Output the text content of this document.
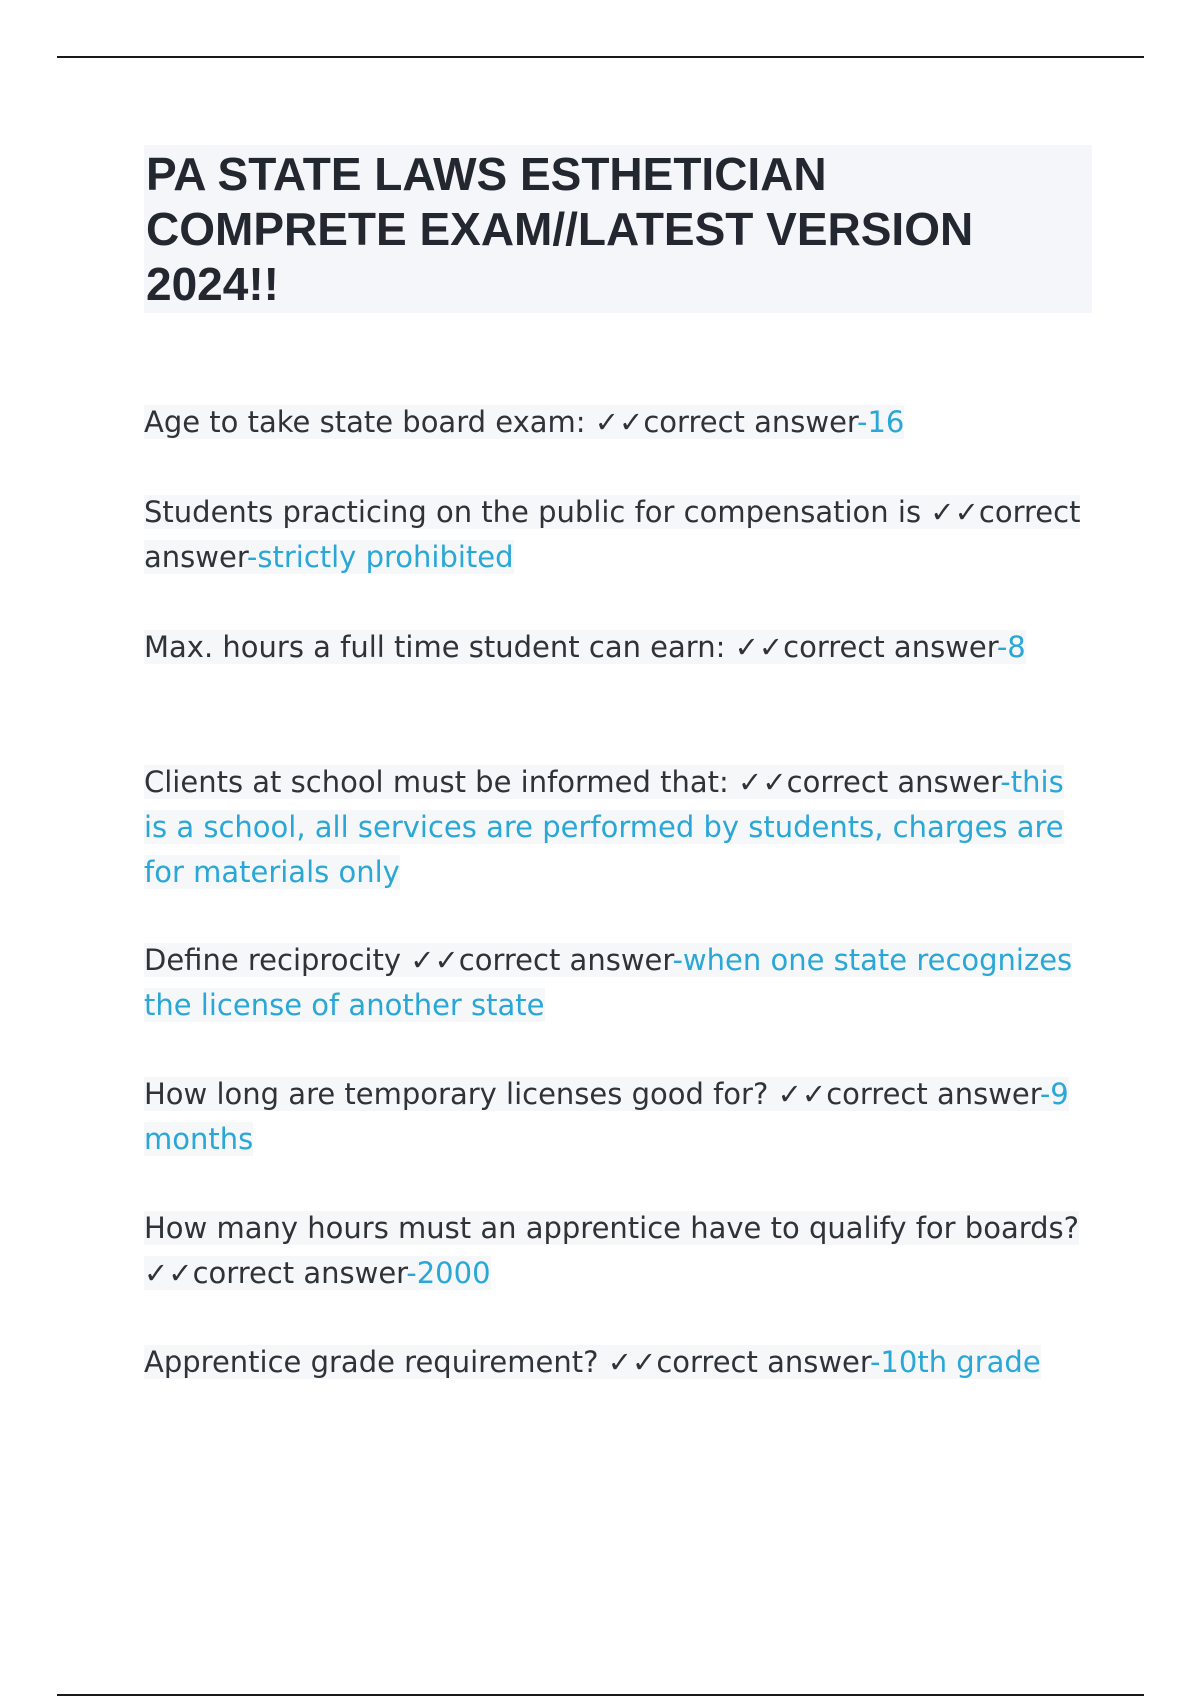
PA STATE LAWS ESTHETICIAN COMPRETE EXAM//LATEST VERSION 2024!!
Age to take state board exam: ✓✓correct answer-16
Students practicing on the public for compensation is ✓✓correct answer-strictly prohibited
Max. hours a full time student can earn: ✓✓correct answer-8
Clients at school must be informed that: ✓✓correct answer-this is a school, all services are performed by students, charges are for materials only
Define reciprocity ✓✓correct answer-when one state recognizes the license of another state
How long are temporary licenses good for? ✓✓correct answer-9 months
How many hours must an apprentice have to qualify for boards? ✓✓correct answer-2000
Apprentice grade requirement? ✓✓correct answer-10th grade
